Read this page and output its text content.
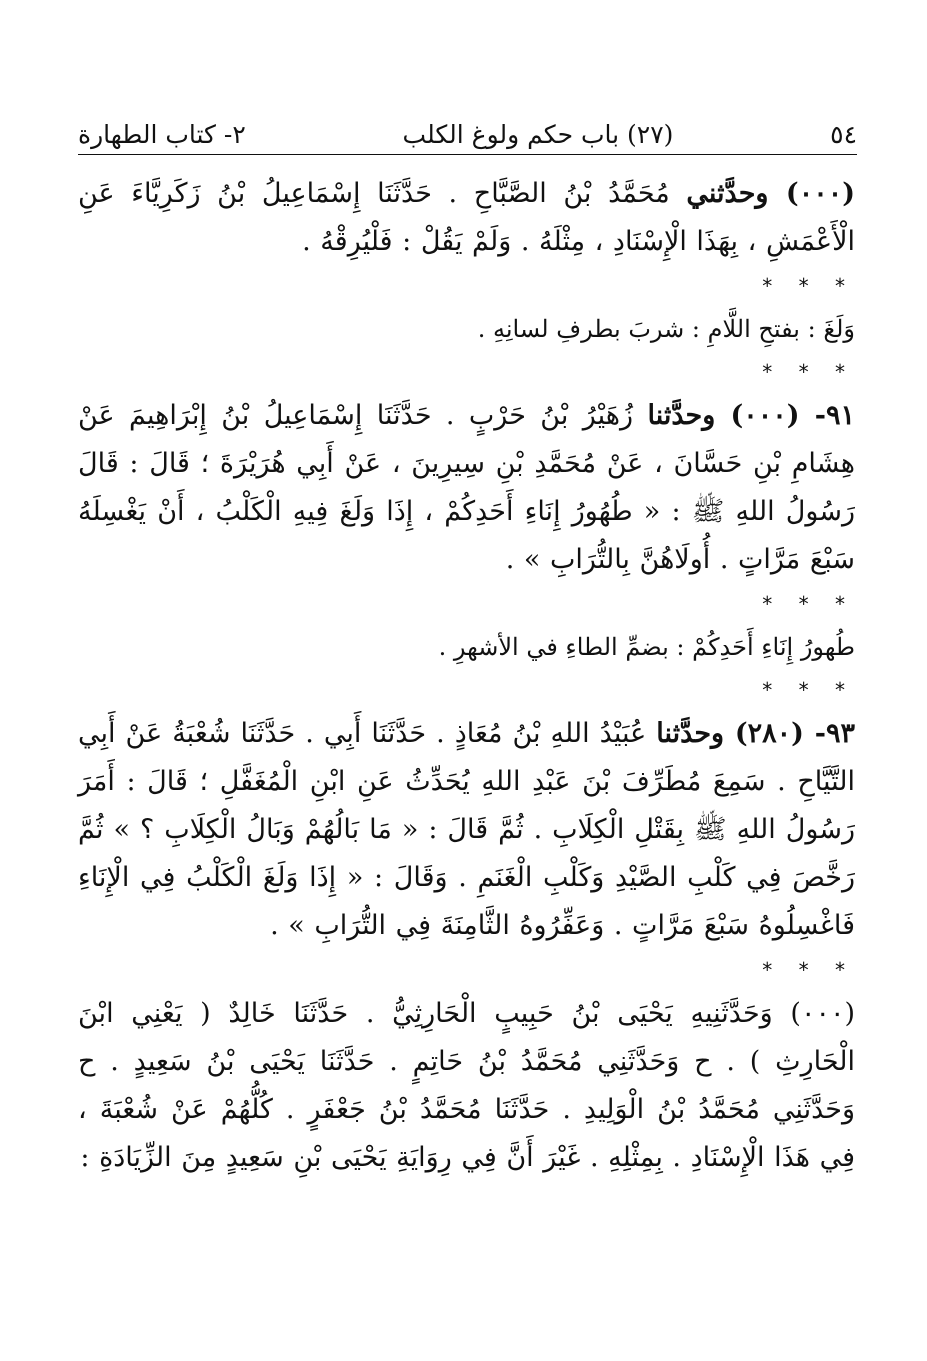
٥٤
(٢٧) باب حكم ولوغ الكلب
٢- كتاب الطهارة

(٠٠٠) وحدَّثني مُحَمَّدُ بْنُ الصَّبَّاحِ . حَدَّثَنَا إِسْمَاعِيلُ بْنُ زَكَرِيَّاءَ عَنِ الْأَعْمَشِ ، بِهَذَا الْإِسْنَادِ ، مِثْلَهُ . وَلَمْ يَقُلْ : فَلْيُرِقْهُ .

* * *

وَلَغَ : بفتحِ اللَّامِ : شربَ بطرفِ لسانِهِ .

* * *

٩١- (٠٠٠) وحدَّثنا زُهَيْرُ بْنُ حَرْبٍ . حَدَّثَنَا إِسْمَاعِيلُ بْنُ إِبْرَاهِيمَ عَنْ هِشَامِ بْنِ حَسَّانَ ، عَنْ مُحَمَّدِ بْنِ سِيرِينَ ، عَنْ أَبِي هُرَيْرَةَ ؛ قَالَ : قَالَ رَسُولُ اللهِ ﷺ : « طُهُورُ إِنَاءِ أَحَدِكُمْ ، إِذَا وَلَغَ فِيهِ الْكَلْبُ ، أَنْ يَغْسِلَهُ سَبْعَ مَرَّاتٍ . أُولَاهُنَّ بِالتُّرَابِ » .

* * *

طُهورُ إِنَاءِ أَحَدِكُمْ : بضمِّ الطاءِ في الأشهرِ .

* * *

٩٣- (٢٨٠) وحدَّثنا عُبَيْدُ اللهِ بْنُ مُعَاذٍ . حَدَّثَنَا أَبِي . حَدَّثَنَا شُعْبَةُ عَنْ أَبِي التَّيَّاحِ . سَمِعَ مُطَرِّفَ بْنَ عَبْدِ اللهِ يُحَدِّثُ عَنِ ابْنِ الْمُغَفَّلِ ؛ قَالَ : أَمَرَ رَسُولُ اللهِ ﷺ بِقَتْلِ الْكِلَابِ . ثُمَّ قَالَ : « مَا بَالُهُمْ وَبَالُ الْكِلَابِ ؟ » ثُمَّ رَخَّصَ فِي كَلْبِ الصَّيْدِ وَكَلْبِ الْغَنَمِ . وَقَالَ : « إِذَا وَلَغَ الْكَلْبُ فِي الْإِنَاءِ فَاغْسِلُوهُ سَبْعَ مَرَّاتٍ . وَعَفِّرُوهُ الثَّامِنَةَ فِي التُّرَابِ » .

* * *

(٠٠٠) وَحَدَّثَنِيهِ يَحْيَى بْنُ حَبِيبٍ الْحَارِثِيُّ . حَدَّثَنَا خَالِدٌ ( يَعْنِي ابْنَ الْحَارِثِ ) . ح وَحَدَّثَنِي مُحَمَّدُ بْنُ حَاتِمٍ . حَدَّثَنَا يَحْيَى بْنُ سَعِيدٍ . ح وَحَدَّثَنِي مُحَمَّدُ بْنُ الْوَلِيدِ . حَدَّثَنَا مُحَمَّدُ بْنُ جَعْفَرٍ . كُلُّهُمْ عَنْ شُعْبَةَ ، فِي هَذَا الْإِسْنَادِ . بِمِثْلِهِ . غَيْرَ أَنَّ فِي رِوَايَةِ يَحْيَى بْنِ سَعِيدٍ مِنَ الزِّيَادَةِ :
